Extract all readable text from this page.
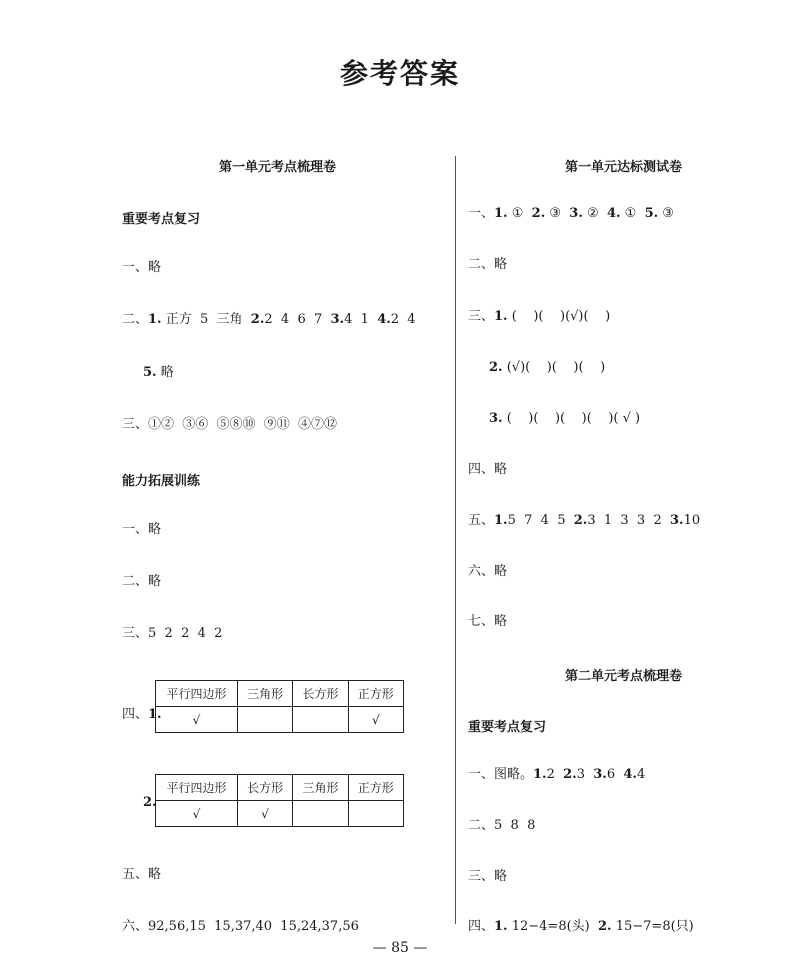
参考答案
第一单元考点梳理卷
重要考点复习
一、略
二、1. 正方  5  三角  2.2  4  6  7  3.4  1  4.2  4
5. 略
三、①②  ③⑥  ⑤⑧⑩  ⑨⑪  ④⑦⑫
能力拓展训练
一、略
二、略
三、5  2  2  4  2
四、1.
平行四边形	三角形	长方形	正方形
√			√
2.
平行四边形	长方形	三角形	正方形
√	√		
五、略
六、92,56,15  15,37,40  15,24,37,56
第一单元达标测试卷
一、1. ①  2. ③  3. ②  4. ①  5. ③
二、略
三、1. (    )(    )(√)(    )
2. (√)(    )(    )(    )
3. (    )(    )(    )(    )( √ )
四、略
五、1.5  7  4  5  2.3  1  3  3  2  3.10
六、略
七、略
第二单元考点梳理卷
重要考点复习
一、图略。1.2  2.3  3.6  4.4
二、5  8  8
三、略
四、1. 12−4=8(头)  2. 15−7=8(只)
— 85 —
